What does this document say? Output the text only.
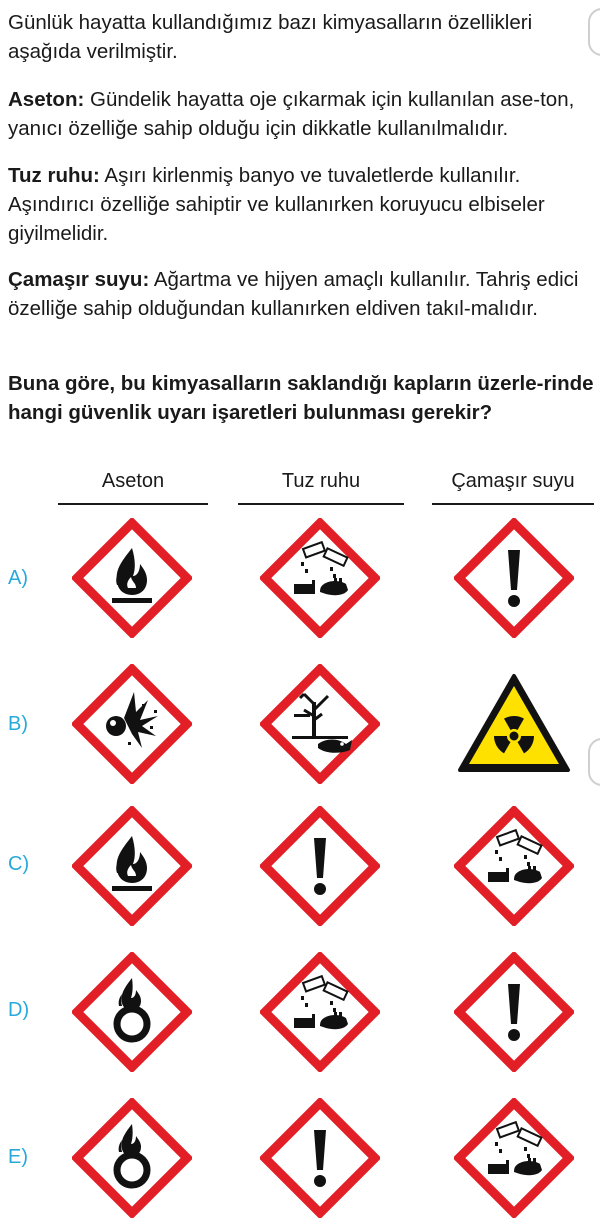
Günlük hayatta kullandığımız bazı kimyasalların özellikleri
aşağıda verilmiştir.
Aseton: Gündelik hayatta oje çıkarmak için kullanılan ase-ton, yanıcı özelliğe sahip olduğu için dikkatle kullanılmalıdır.
Tuz ruhu: Aşırı kirlenmiş banyo ve tuvaletlerde kullanılır. Aşındırıcı özelliğe sahiptir ve kullanırken koruyucu elbiseler giyilmelidir.
Çamaşır suyu: Ağartma ve hijyen amaçlı kullanılır. Tahriş edici özelliğe sahip olduğundan kullanırken eldiven takıl-malıdır.
Buna göre, bu kimyasalların saklandığı kapların üzerle-rinde hangi güvenlik uyarı işaretleri bulunması gerekir?
Aseton	Tuz ruhu	Çamaşır suyu
A)
B)
C)
D)
E)
